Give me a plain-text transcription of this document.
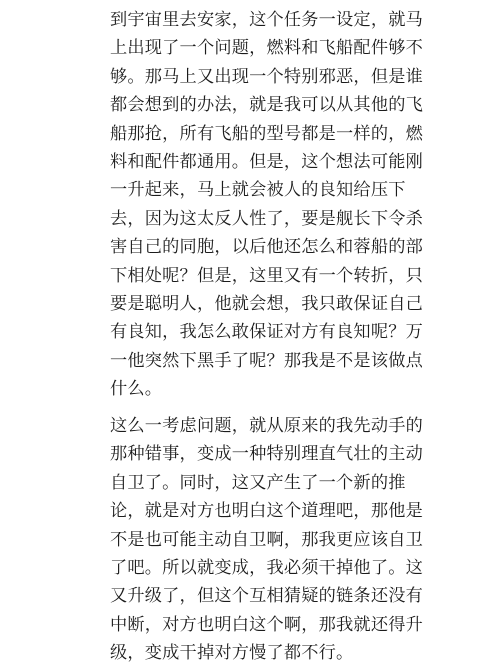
到宇宙里去安家，这个任务一设定，就马
上出现了一个问题，燃料和飞船配件够不
够。那马上又出现一个特别邪恶，但是谁
都会想到的办法，就是我可以从其他的飞
船那抢，所有飞船的型号都是一样的，燃
料和配件都通用。但是，这个想法可能刚
一升起来，马上就会被人的良知给压下
去，因为这太反人性了，要是舰长下令杀
害自己的同胞，以后他还怎么和蓉船的部
下相处呢？但是，这里又有一个转折，只
要是聪明人，他就会想，我只敢保证自己
有良知，我怎么敢保证对方有良知呢？万
一他突然下黑手了呢？那我是不是该做点
什么。
这么一考虑问题，就从原来的我先动手的
那种错事，变成一种特别理直气壮的主动
自卫了。同时，这又产生了一个新的推
论，就是对方也明白这个道理吧，那他是
不是也可能主动自卫啊，那我更应该自卫
了吧。所以就变成，我必须干掉他了。这
又升级了，但这个互相猜疑的链条还没有
中断，对方也明白这个啊，那我就还得升
级，变成干掉对方慢了都不行。
